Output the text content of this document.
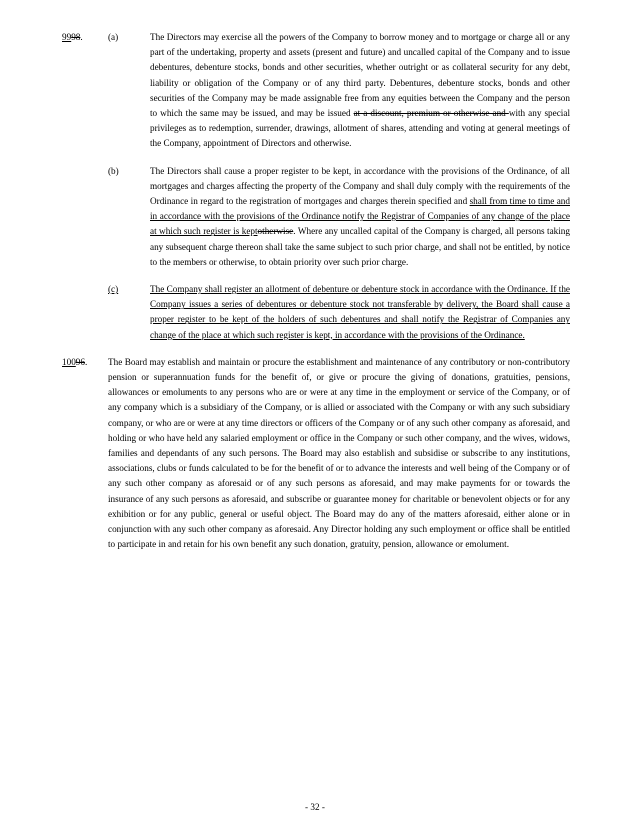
9998.	(a)	The Directors may exercise all the powers of the Company to borrow money and to mortgage or charge all or any part of the undertaking, property and assets (present and future) and uncalled capital of the Company and to issue debentures, debenture stocks, bonds and other securities, whether outright or as collateral security for any debt, liability or obligation of the Company or of any third party. Debentures, debenture stocks, bonds and other securities of the Company may be made assignable free from any equities between the Company and the person to which the same may be issued, and may be issued at a discount, premium or otherwise and with any special privileges as to redemption, surrender, drawings, allotment of shares, attending and voting at general meetings of the Company, appointment of Directors and otherwise.
(b)	The Directors shall cause a proper register to be kept, in accordance with the provisions of the Ordinance, of all mortgages and charges affecting the property of the Company and shall duly comply with the requirements of the Ordinance in regard to the registration of mortgages and charges therein specified and shall from time to time and in accordance with the provisions of the Ordinance notify the Registrar of Companies of any change of the place at which such register is keptotherwise. Where any uncalled capital of the Company is charged, all persons taking any subsequent charge thereon shall take the same subject to such prior charge, and shall not be entitled, by notice to the members or otherwise, to obtain priority over such prior charge.
(c)	The Company shall register an allotment of debenture or debenture stock in accordance with the Ordinance. If the Company issues a series of debentures or debenture stock not transferable by delivery, the Board shall cause a proper register to be kept of the holders of such debentures and shall notify the Registrar of Companies any change of the place at which such register is kept, in accordance with the provisions of the Ordinance.
10096.	The Board may establish and maintain or procure the establishment and maintenance of any contributory or non-contributory pension or superannuation funds for the benefit of, or give or procure the giving of donations, gratuities, pensions, allowances or emoluments to any persons who are or were at any time in the employment or service of the Company, or of any company which is a subsidiary of the Company, or is allied or associated with the Company or with any such subsidiary company, or who are or were at any time directors or officers of the Company or of any such other company as aforesaid, and holding or who have held any salaried employment or office in the Company or such other company, and the wives, widows, families and dependants of any such persons. The Board may also establish and subsidise or subscribe to any institutions, associations, clubs or funds calculated to be for the benefit of or to advance the interests and well being of the Company or of any such other company as aforesaid or of any such persons as aforesaid, and may make payments for or towards the insurance of any such persons as aforesaid, and subscribe or guarantee money for charitable or benevolent objects or for any exhibition or for any public, general or useful object. The Board may do any of the matters aforesaid, either alone or in conjunction with any such other company as aforesaid. Any Director holding any such employment or office shall be entitled to participate in and retain for his own benefit any such donation, gratuity, pension, allowance or emolument.
- 32 -
